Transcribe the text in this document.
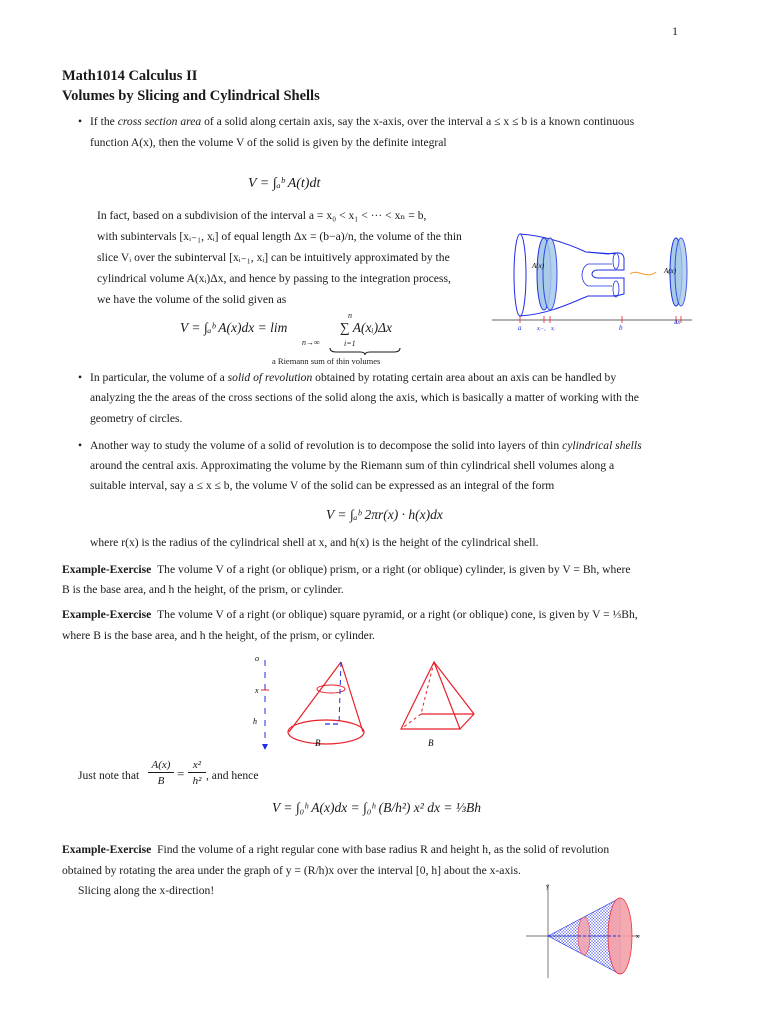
1
Math1014 Calculus II
Volumes by Slicing and Cylindrical Shells
• If the cross section area of a solid along certain axis, say the x-axis, over the interval a ≤ x ≤ b is a known continuous
function A(x), then the volume V of the solid is given by the definite integral
V = ∫ₐᵇ A(t)dt
In fact, based on a subdivision of the interval a = x₀ < x₁ < ··· < xₙ = b,
with subintervals [xᵢ₋₁, xᵢ] of equal length Δx = (b−a)/n, the volume of the thin
slice Vᵢ over the subinterval [xᵢ₋₁, xᵢ] can be intuitively approximated by the
cylindrical volume A(xᵢ)Δx, and hence by passing to the integration process,
we have the volume of the solid given as
V = ∫ₐᵇ A(x)dx = lim
n→∞
n
∑ A(xᵢ)Δx
i=1
a Riemann sum of thin volumes
A(x)
A(x)
a	xᵢ₋₁ xᵢ	b
Δx
• In particular, the volume of a solid of revolution obtained by rotating certain area about an axis can be handled by
analyzing the the areas of the cross sections of the solid along the axis, which is basically a matter of working with the
geometry of circles.
• Another way to study the volume of a solid of revolution is to decompose the solid into layers of thin cylindrical shells
around the central axis. Approximating the volume by the Riemann sum of thin cylindrical shell volumes along a
suitable interval, say a ≤ x ≤ b, the volume V of the solid can be expressed as an integral of the form
V = ∫ₐᵇ 2πr(x) · h(x)dx
where r(x) is the radius of the cylindrical shell at x, and h(x) is the height of the cylindrical shell.
Example-Exercise The volume V of a right (or oblique) prism, or a right (or oblique) cylinder, is given by V = Bh, where
B is the base area, and h the height, of the prism, or cylinder.
Example-Exercise The volume V of a right (or oblique) square pyramid, or a right (or oblique) cone, is given by V = ⅓Bh,
where B is the base area, and h the height, of the prism, or cylinder.
o
x
h
B	B
Just note that
A(x)
B =
x²
h² , and hence
V = ∫₀ʰ A(x)dx = ∫₀ʰ (B/h²) x² dx = ⅓Bh
Example-Exercise Find the volume of a right regular cone with base radius R and height h, as the solid of revolution
obtained by rotating the area under the graph of y = (R/h)x over the interval [0, h] about the x-axis.
Slicing along the x-direction!	y
x
